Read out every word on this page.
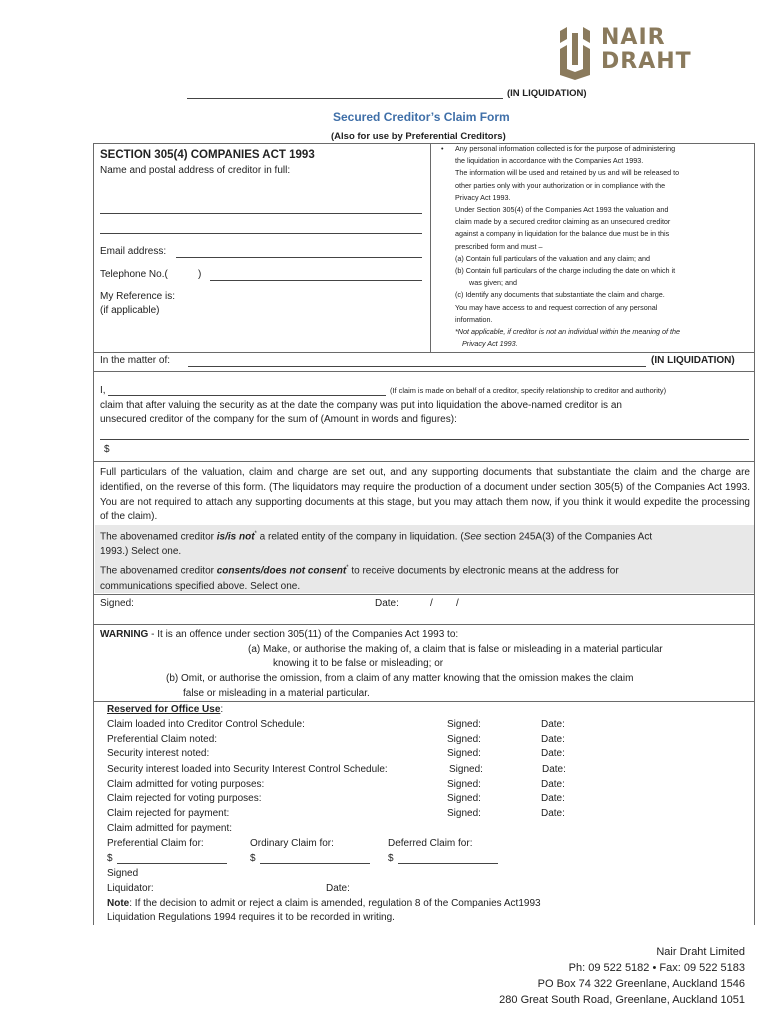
NAIR
DRAHT
(IN LIQUIDATION)
Secured Creditor’s Claim Form
(Also for use by Preferential Creditors)
SECTION 305(4) COMPANIES ACT 1993
Name and postal address of creditor in full:
Email address:
Telephone No.(	)
My Reference is:
(if applicable)
• Any personal information collected is for the purpose of administering
the liquidation in accordance with the Companies Act 1993.
The information will be used and retained by us and will be released to
other parties only with your authorization or in compliance with the
Privacy Act 1993.
Under Section 305(4) of the Companies Act 1993 the valuation and
claim made by a secured creditor claiming as an unsecured creditor
against a company in liquidation for the balance due must be in this
prescribed form and must –
(a) Contain full particulars of the valuation and any claim; and
(b) Contain full particulars of the charge including the date on which it
was given; and
(c) Identify any documents that substantiate the claim and charge.
You may have access to and request correction of any personal
information.
*Not applicable, if creditor is not an individual within the meaning of the
Privacy Act 1993.
In the matter of:	(IN LIQUIDATION)
I,	(If claim is made on behalf of a creditor, specify relationship to creditor and authority)
claim that after valuing the security as at the date the company was put into liquidation the above-named creditor is an
unsecured creditor of the company for the sum of (Amount in words and figures):
$
Full particulars of the valuation, claim and charge are set out, and any supporting documents that substantiate the claim and the charge are identified, on the reverse of this form. (The liquidators may require the production of a document under section 305(5) of the Companies Act 1993. You are not required to attach any supporting documents at this stage, but you may attach them now, if you think it would expedite the processing of the claim).
The abovenamed creditor is/is not* a related entity of the company in liquidation. (See section 245A(3) of the Companies Act
1993.) Select one.
The abovenamed creditor consents/does not consent* to receive documents by electronic means at the address for
communications specified above. Select one.
Signed:	Date:	/ /
WARNING - It is an offence under section 305(11) of the Companies Act 1993 to:
(a) Make, or authorise the making of, a claim that is false or misleading in a material particular
knowing it to be false or misleading; or
(b) Omit, or authorise the omission, from a claim of any matter knowing that the omission makes the claim
false or misleading in a material particular.
Reserved for Office Use:
Claim loaded into Creditor Control Schedule:	Signed:	Date:
Preferential Claim noted:	Signed:	Date:
Security interest noted:	Signed:	Date:
Security interest loaded into Security Interest Control Schedule:	Signed:	Date:
Claim admitted for voting purposes:	Signed:	Date:
Claim rejected for voting purposes:	Signed:	Date:
Claim rejected for payment:	Signed:	Date:
Claim admitted for payment:
Preferential Claim for:	Ordinary Claim for:	Deferred Claim for:
$	$	$
Signed
Liquidator:	Date:
Note: If the decision to admit or reject a claim is amended, regulation 8 of the Companies Act1993
Liquidation Regulations 1994 requires it to be recorded in writing.
Nair Draht Limited
Ph: 09 522 5182 • Fax: 09 522 5183
PO Box 74 322 Greenlane, Auckland 1546
280 Great South Road, Greenlane, Auckland 1051
